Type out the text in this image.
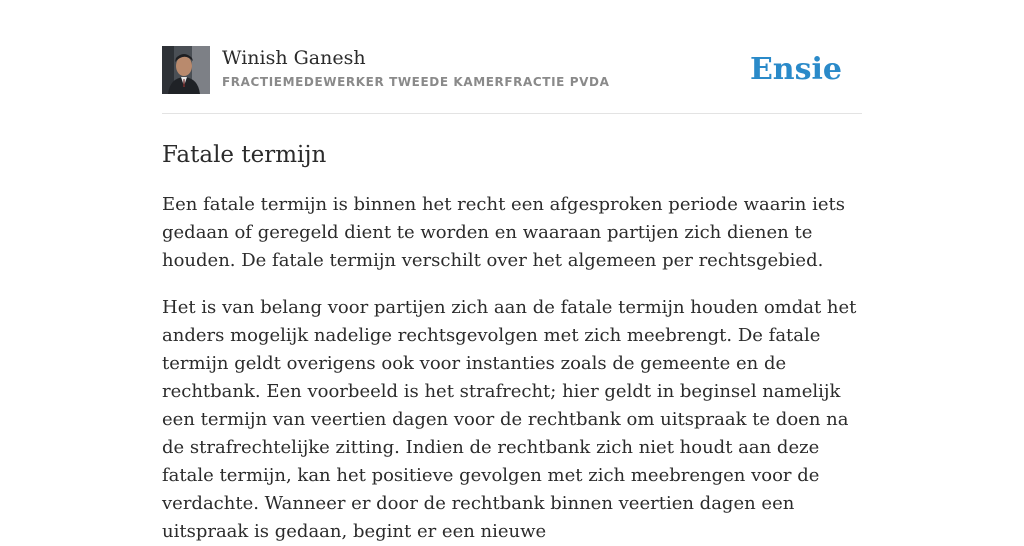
Winish Ganesh
FRACTIEMEDEWERKER TWEEDE KAMERFRACTIE PVDA	Ensie
Fatale termijn

Een fatale termijn is binnen het recht een afgesproken periode waarin iets gedaan of geregeld dient te worden en waaraan partijen zich dienen te houden. De fatale termijn verschilt over het algemeen per rechtsgebied.

Het is van belang voor partijen zich aan de fatale termijn houden omdat het anders mogelijk nadelige rechtsgevolgen met zich meebrengt. De fatale termijn geldt overigens ook voor instanties zoals de gemeente en de rechtbank. Een voorbeeld is het strafrecht; hier geldt in beginsel namelijk een termijn van veertien dagen voor de rechtbank om uitspraak te doen na de strafrechtelijke zitting. Indien de rechtbank zich niet houdt aan deze fatale termijn, kan het positieve gevolgen met zich meebrengen voor de verdachte. Wanneer er door de rechtbank binnen veertien dagen een uitspraak is gedaan, begint er een nieuwe
